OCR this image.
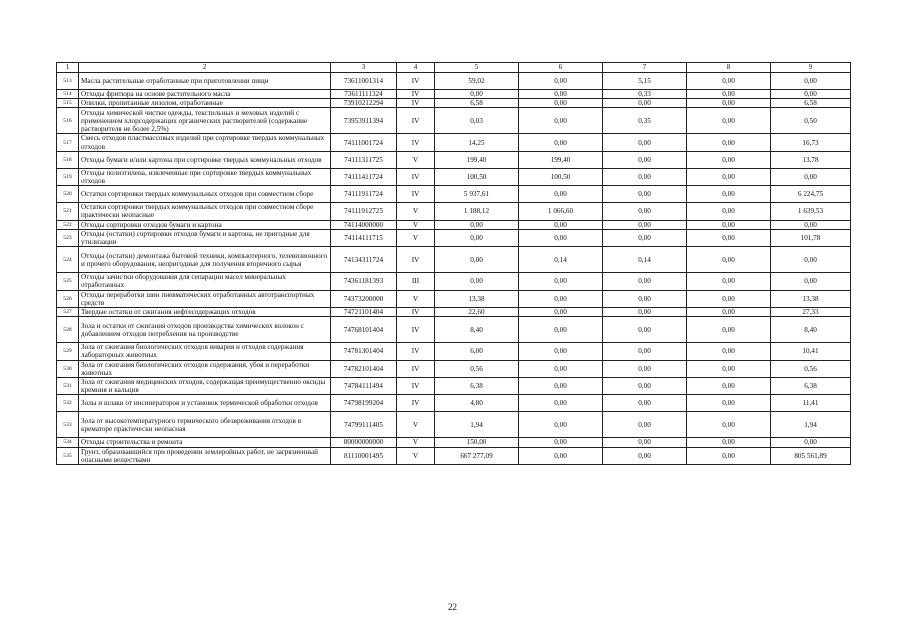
1	2	3	4	5	6	7	8	9
513	Масла растительные отработанные при приготовлении пищи	73611001314	IV	59,02	0,00	5,15	0,00	0,00
514	Отходы фритюра на основе растительного масла	73611111324	IV	0,00	0,00	0,33	0,00	0,00
515	Опилки, пропитанные лизолом, отработанные	73910212294	IV	6,58	0,00	0,00	0,00	6,58
516	Отходы химической чистки одежды, текстильных и меховых изделий с применением хлорсодержащих органических растворителей (содержание растворителя не более 2,5%)	73953911394	IV	0,03	0,00	0,35	0,00	0,50
517	Смесь отходов пластмассовых изделий при сортировке твердых коммунальных отходов	74111001724	IV	14,25	0,00	0,00	0,00	16,73
518	Отходы бумаги и/или картона при сортировке твердых коммунальных отходов	74111311725	V	199,40	199,40	0,00	0,00	13,78
519	Отходы полиэтилена, извлеченные при сортировке твердых коммунальных отходов	74111411724	IV	100,50	100,50	0,00	0,00	0,00
520	Остатки сортировки твердых коммунальных отходов при совместном сборе	74111911724	IV	5 937,61	0,00	0,00	0,00	6 224,75
521	Остатки сортировки твердых коммунальных отходов при совместном сборе практически неопасные	74111912725	V	1 188,12	1 066,60	0,00	0,00	1 639,53
522	Отходы сортировки отходов бумаги и картона	74114000000	V	0,00	0,00	0,00	0,00	0,00
523	Отходы (остатки) сортировки отходов бумаги и картона, не пригодные для утилизации	74114111715	V	0,00	0,00	0,00	0,00	101,78
524	Отходы (остатки) демонтажа бытовой техники, компьютерного, телевизионного и прочего оборудования, непригодные для получения вторичного сырья	74134311724	IV	0,00	0,14	0,14	0,00	0,00
525	Отходы зачистки оборудования для сепарации масел минеральных отработанных	74361181393	III	0,00	0,00	0,00	0,00	0,00
526	Отходы переработки шин пневматических отработанных автотранспортных средств	74373200000	V	13,38	0,00	0,00	0,00	13,38
527	Твердые остатки от сжигания нефтесодержащих отходов	74721101404	IV	22,60	0,00	0,00	0,00	27,33
528	Зола и остатки от сжигания отходов производства химических волокон с добавлением отходов потребления на производстве	74768101404	IV	8,40	0,00	0,00	0,00	8,40
529	Зола от сжигания биологических отходов вивария и отходов содержания лабораторных животных	74781301404	IV	6,00	0,00	0,00	0,00	10,41
530	Зола от сжигания биологических отходов содержания, убоя и переработки животных	74782101404	IV	0,56	0,00	0,00	0,00	0,56
531	Зола от сжигания медицинских отходов, содержащая преимущественно оксиды кремния и кальция	74784111494	IV	6,38	0,00	0,00	0,00	6,38
532	Золы и шлаки от инсинераторов и установок термической обработки отходов	74798199204	IV	4,80	0,00	0,00	0,00	11,41
533	Зола от высокотемпературного термического обезвреживания отходов в крематоре практически неопасная	74799111405	V	1,94	0,00	0,00	0,00	1,94
534	Отходы строительства и ремонта	80000000000	V	150,00	0,00	0,00	0,00	0,00
535	Грунт, образовавшийся при проведении землеройных работ, не загрязненный опасными веществами	81110001495	V	667 277,09	0,00	0,00	0,00	805 561,89
22
